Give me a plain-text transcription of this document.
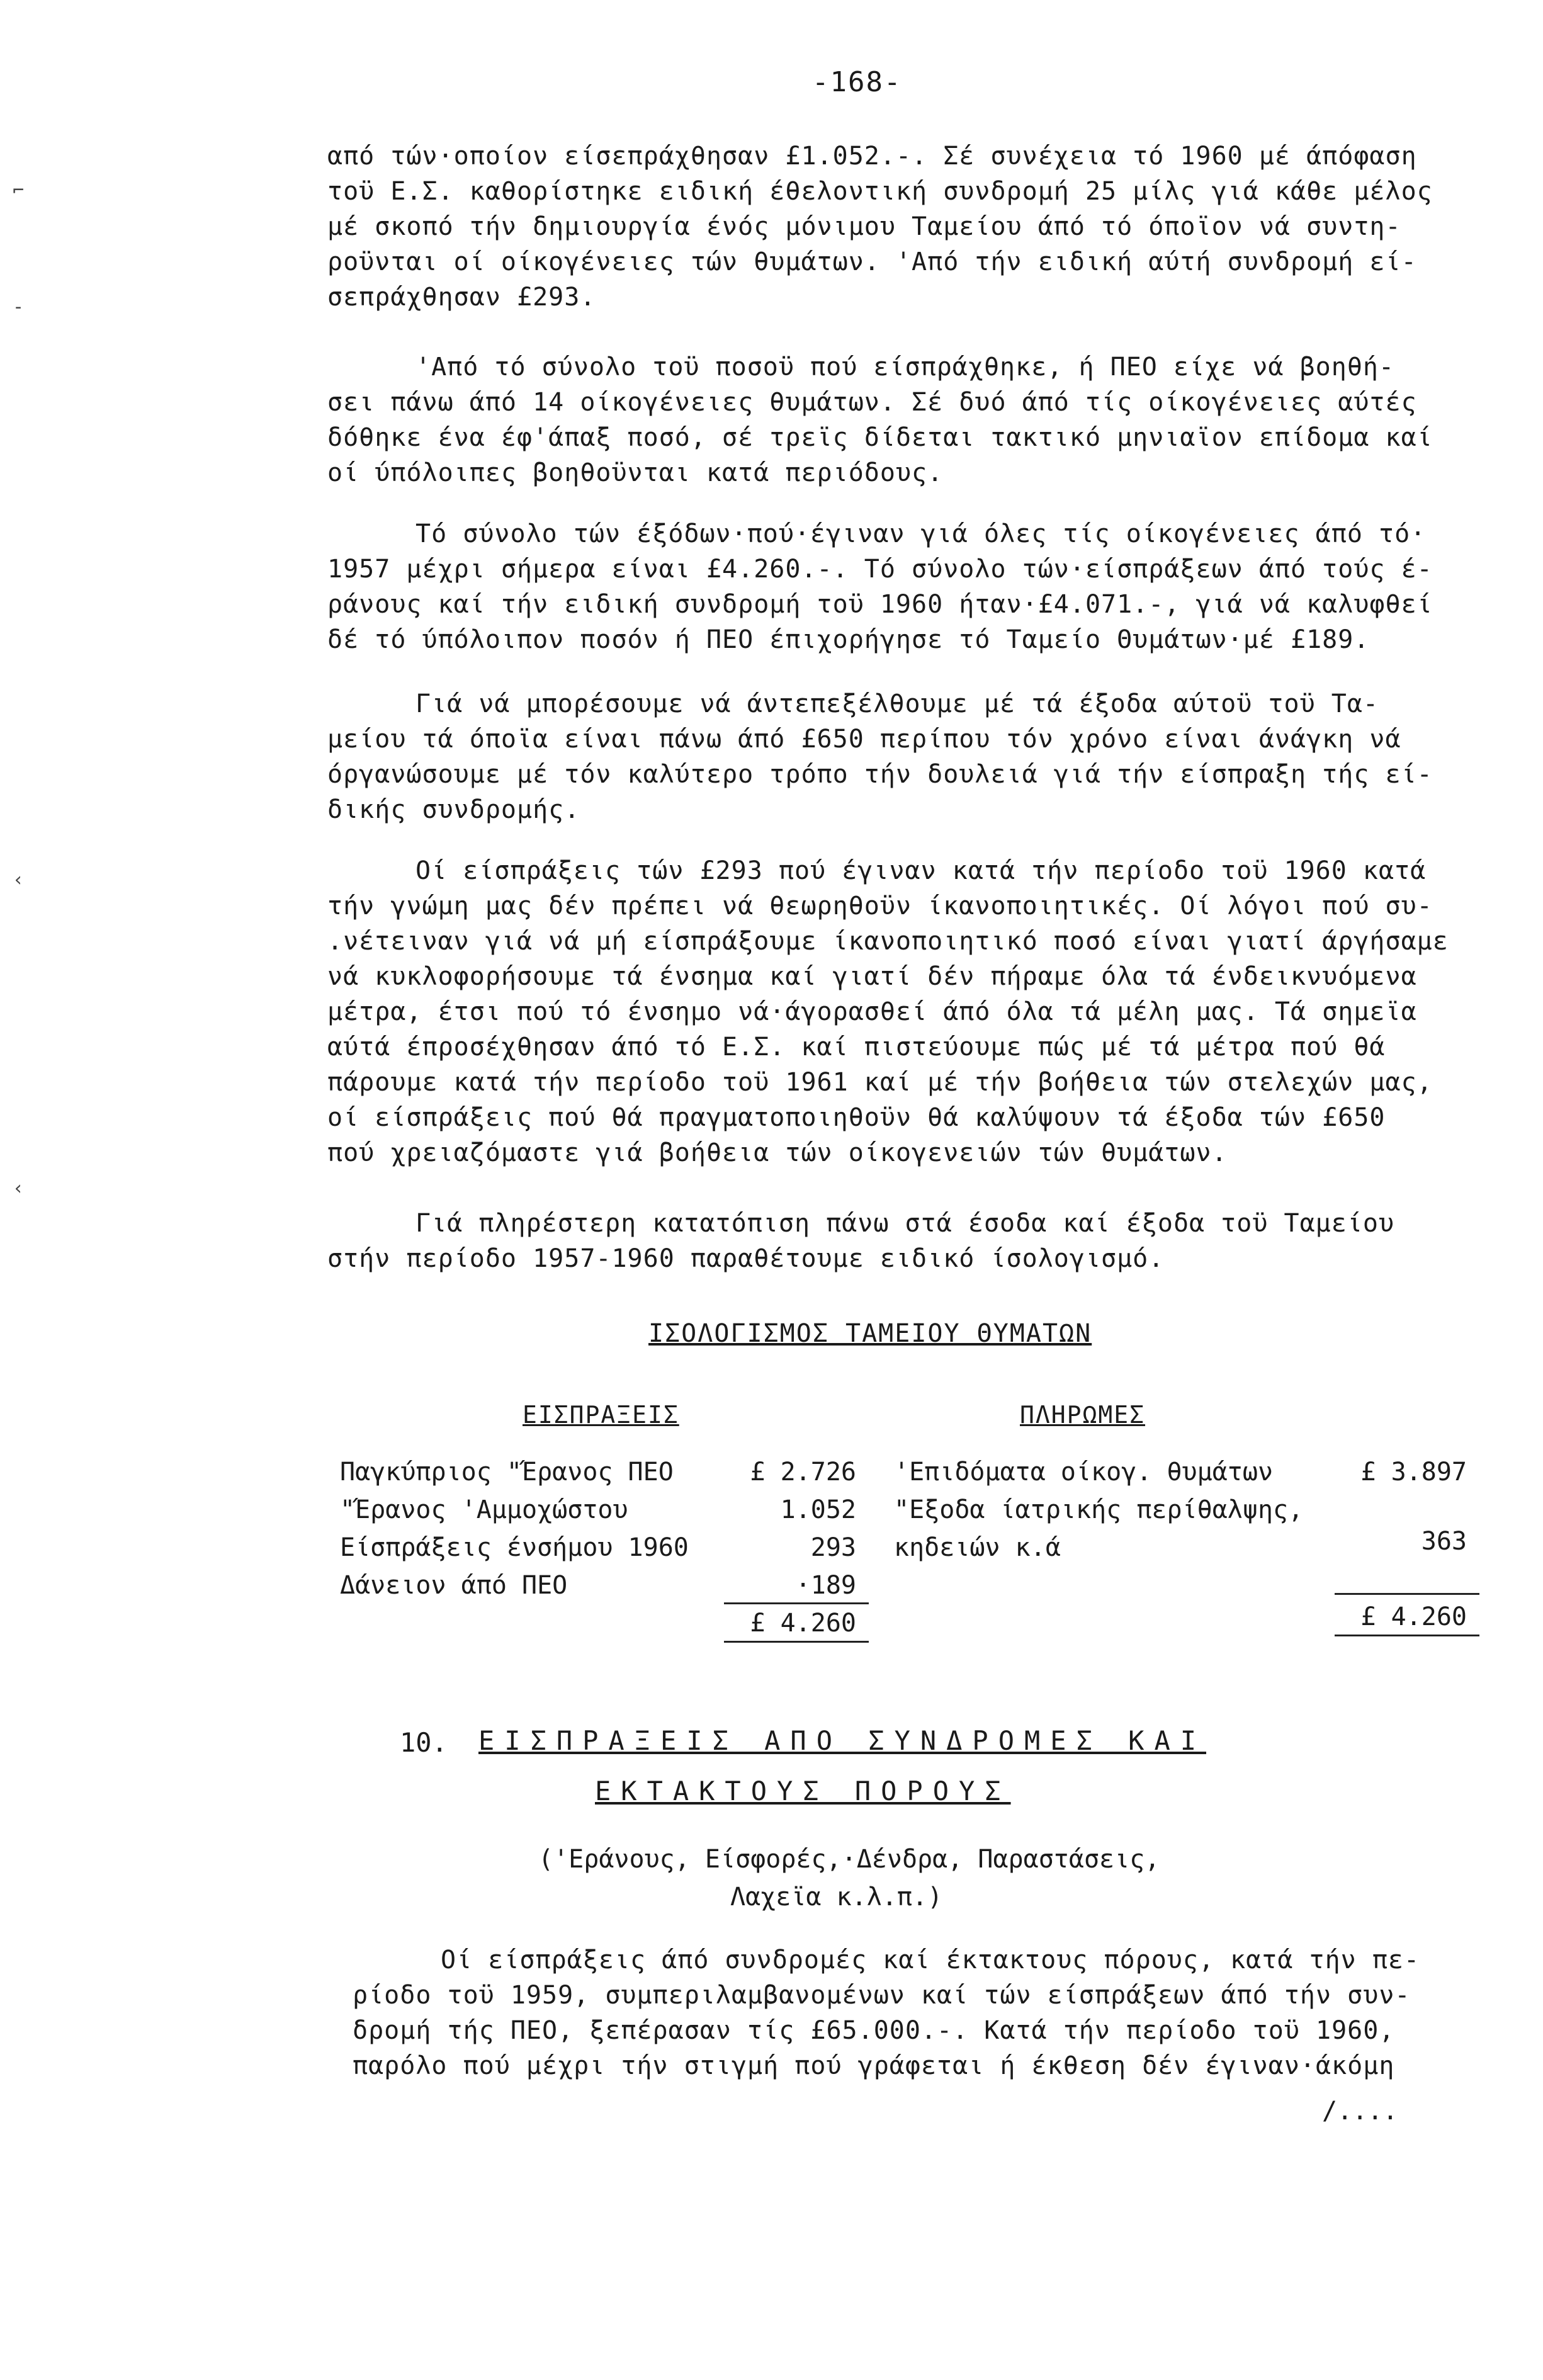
-168-
⌐
-
‹
‹
από τών·οποίον είσεπράχθησαν £1.052.-. Σέ συνέχεια τό 1960 μέ άπόφαση
τοϋ Ε.Σ. καθορίστηκε ειδική έθελοντική συνδρομή 25 μίλς γιά κάθε μέλος
μέ σκοπό τήν δημιουργία ένός μόνιμου Ταμείου άπό τό όποϊον νά συντη-
ροϋνται οί οίκογένειες τών θυμάτων. 'Από τήν ειδική αύτή συνδρομή εί-
σεπράχθησαν £293.
'Από τό σύνολο τοϋ ποσοϋ πού είσπράχθηκε, ή ΠΕΟ είχε νά βοηθή-
σει πάνω άπό 14 οίκογένειες θυμάτων. Σέ δυό άπό τίς οίκογένειες αύτές
δόθηκε ένα έφ'άπαξ ποσό, σέ τρεϊς δίδεται τακτικό μηνιαϊον επίδομα καί
οί ύπόλοιπες βοηθοϋνται κατά περιόδους.
Τό σύνολο τών έξόδων·πού·έγιναν γιά όλες τίς οίκογένειες άπό τό·
1957 μέχρι σήμερα είναι £4.260.-. Τό σύνολο τών·είσπράξεων άπό τούς έ-
ράνους καί τήν ειδική συνδρομή τοϋ 1960 ήταν·£4.071.-, γιά νά καλυφθεί
δέ τό ύπόλοιπον ποσόν ή ΠΕΟ έπιχορήγησε τό Ταμείο Θυμάτων·μέ £189.
Γιά νά μπορέσουμε νά άντεπεξέλθουμε μέ τά έξοδα αύτοϋ τοϋ Τα-
μείου τά όποϊα είναι πάνω άπό £650 περίπου τόν χρόνο είναι άνάγκη νά
όργανώσουμε μέ τόν καλύτερο τρόπο τήν δουλειά γιά τήν είσπραξη τής εί-
δικής συνδρομής.
Οί είσπράξεις τών £293 πού έγιναν κατά τήν περίοδο τοϋ 1960 κατά
τήν γνώμη μας δέν πρέπει νά θεωρηθοϋν ίκανοποιητικές. Οί λόγοι πού συ-
.νέτειναν γιά νά μή είσπράξουμε ίκανοποιητικό ποσό είναι γιατί άργήσαμε
νά κυκλοφορήσουμε τά ένσημα καί γιατί δέν πήραμε όλα τά ένδεικνυόμενα
μέτρα, έτσι πού τό ένσημο νά·άγορασθεί άπό όλα τά μέλη μας. Τά σημεϊα
αύτά έπροσέχθησαν άπό τό Ε.Σ. καί πιστεύουμε πώς μέ τά μέτρα πού θά
πάρουμε κατά τήν περίοδο τοϋ 1961 καί μέ τήν βοήθεια τών στελεχών μας,
οί είσπράξεις πού θά πραγματοποιηθοϋν θά καλύψουν τά έξοδα τών £650
πού χρειαζόμαστε γιά βοήθεια τών οίκογενειών τών θυμάτων.
Γιά πληρέστερη κατατόπιση πάνω στά έσοδα καί έξοδα τοϋ Ταμείου
στήν περίοδο 1957-1960 παραθέτουμε ειδικό ίσολογισμό.
ΙΣΟΛΟΓΙΣΜΟΣ ΤΑΜΕΙΟΥ ΘΥΜΑΤΩΝ
ΕΙΣΠΡΑΞΕΙΣ	ΠΛΗΡΩΜΕΣ
Παγκύπριος "Έρανος ΠΕΟ	£ 2.726
"Έρανος 'Αμμοχώστου	1.052
Είσπράξεις ένσήμου 1960	293
Δάνειον άπό ΠΕΟ	·189
£ 4.260
'Επιδόματα οίκογ. θυμάτων	£ 3.897
"Εξοδα ίατρικής περίθαλψης,
κηδειών κ.ά	363
£ 4.260
10. ΕΙΣΠΡΑΞΕΙΣ ΑΠΟ ΣΥΝΔΡΟΜΕΣ ΚΑΙ
ΕΚΤΑΚΤΟΥΣ ΠΟΡΟΥΣ
('Εράνους, Είσφορές,·Δένδρα, Παραστάσεις,
Λαχεϊα κ.λ.π.)
Οί είσπράξεις άπό συνδρομές καί έκτακτους πόρους, κατά τήν πε-
ρίοδο τοϋ 1959, συμπεριλαμβανομένων καί τών είσπράξεων άπό τήν συν-
δρομή τής ΠΕΟ, ξεπέρασαν τίς £65.000.-. Κατά τήν περίοδο τοϋ 1960,
παρόλο πού μέχρι τήν στιγμή πού γράφεται ή έκθεση δέν έγιναν·άκόμη
/....
